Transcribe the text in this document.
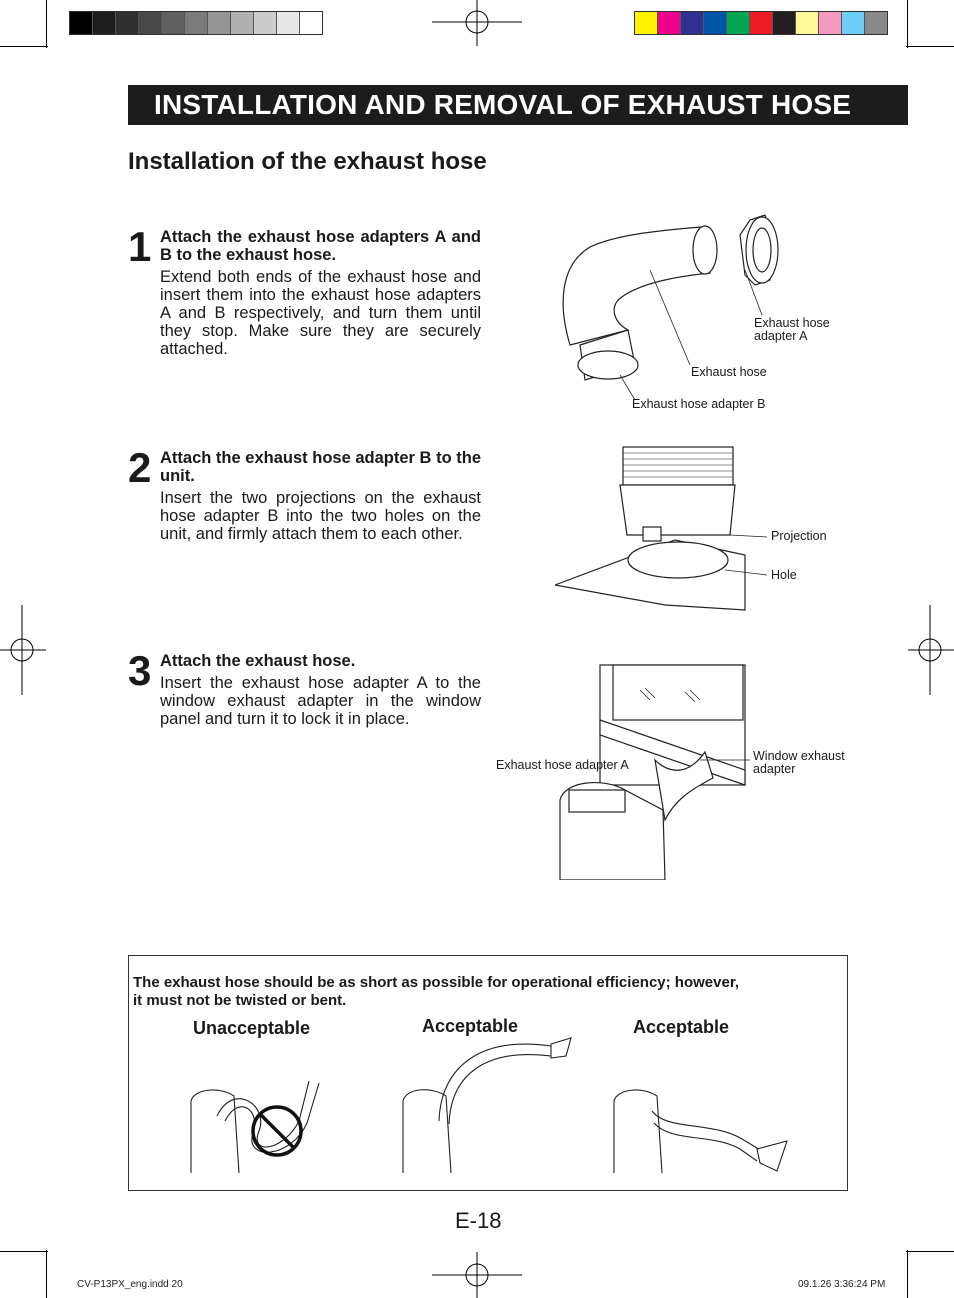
INSTALLATION AND REMOVAL OF EXHAUST HOSE
Installation of the exhaust hose
1 Attach the exhaust hose adapters A and B to the exhaust hose.
Extend both ends of the exhaust hose and insert them into the exhaust hose adapters A and B respectively, and turn them until they stop. Make sure they are securely attached.
2 Attach the exhaust hose adapter B to the unit.
Insert the two projections on the exhaust hose adapter B into the two holes on the unit, and firmly attach them to each other.
3 Attach the exhaust hose.
Insert the exhaust hose adapter A to the window exhaust adapter in the window panel and turn it to lock it in place.
Exhaust hose
adapter A
Exhaust hose
Exhaust hose adapter B
Projection
Hole
Exhaust hose adapter A
Window exhaust
adapter
The exhaust hose should be as short as possible for operational efficiency; however,
it must not be twisted or bent.
Unacceptable	Acceptable	Acceptable
E-18
CV-P13PX_eng.indd 20	09.1.26 3:36:24 PM
